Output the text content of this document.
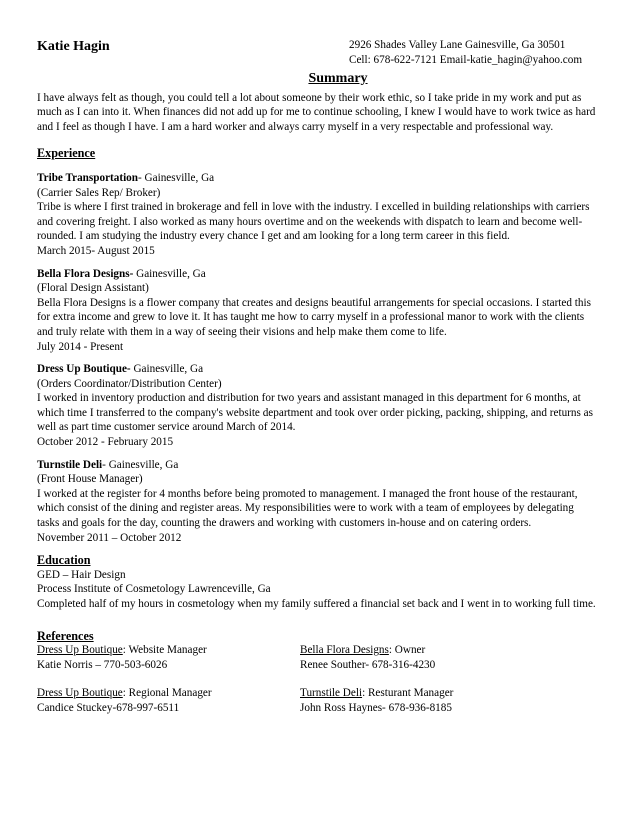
Katie Hagin	2926 Shades Valley Lane Gainesville, Ga 30501
Cell: 678-622-7121 Email-katie_hagin@yahoo.com
Summary

I have always felt as though, you could tell a lot about someone by their work ethic, so I take pride in my work and put as much as I can into it. When finances did not add up for me to continue schooling, I knew I would have to work twice as hard and I feel as though I have. I am a hard worker and always carry myself in a very respectable and professional way.

Experience
Tribe Transportation- Gainesville, Ga
(Carrier Sales Rep/ Broker)

Tribe is where I first trained in brokerage and fell in love with the industry. I excelled in building relationships with carriers and covering freight. I also worked as many hours overtime and on the weekends with dispatch to learn and become well-rounded. I am studying the industry every chance I get and am looking for a long term career in this field.

March 2015- August 2015
Bella Flora Designs- Gainesville, Ga
(Floral Design Assistant)

Bella Flora Designs is a flower company that creates and designs beautiful arrangements for special occasions. I started this for extra income and grew to love it. It has taught me how to carry myself in a professional manor to work with the clients and truly relate with them in a way of seeing their visions and help make them come to life.

July 2014 - Present
Dress Up Boutique- Gainesville, Ga
(Orders Coordinator/Distribution Center)

I worked in inventory production and distribution for two years and assistant managed in this department for 6 months, at which time I transferred to the company's website department and took over order picking, packing, shipping, and returns as well as part time customer service around March of 2014.

October 2012 - February 2015
Turnstile Deli- Gainesville, Ga
(Front House Manager)

I worked at the register for 4 months before being promoted to management. I managed the front house of the restaurant, which consist of the dining and register areas. My responsibilities were to work with a team of employees by delegating tasks and goals for the day, counting the drawers and working with customers in-house and on catering orders.

November 2011 – October 2012
Education
GED – Hair Design
Process Institute of Cosmetology Lawrenceville, Ga

Completed half of my hours in cosmetology when my family suffered a financial set back and I went in to working full time.

References
Dress Up Boutique: Website Manager
Katie Norris – 770-503-6026
Dress Up Boutique: Regional Manager
Candice Stuckey-678-997-6511
Bella Flora Designs: Owner
Renee Souther- 678-316-4230
Turnstile Deli: Resturant Manager
John Ross Haynes- 678-936-8185
